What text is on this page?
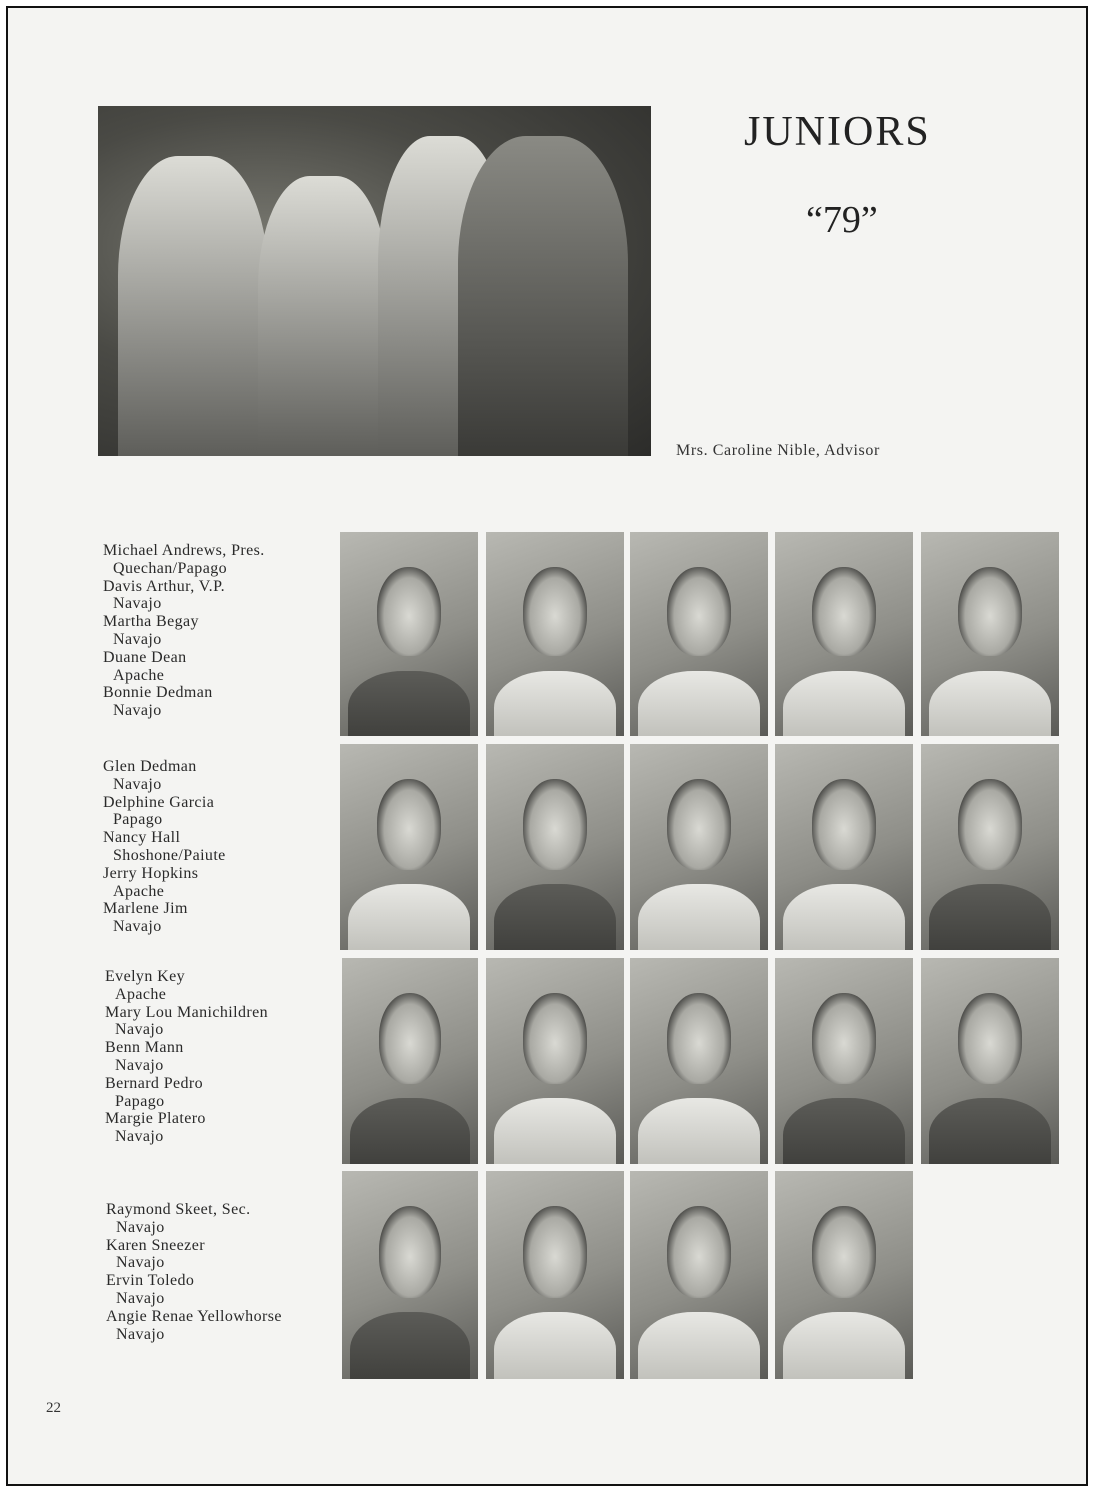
JUNIORS
“79”
Mrs. Caroline Nible, Advisor
Michael Andrews, Pres.
Quechan/Papago
Davis Arthur, V.P.
Navajo
Martha Begay
Navajo
Duane Dean
Apache
Bonnie Dedman
Navajo
Glen Dedman
Navajo
Delphine Garcia
Papago
Nancy Hall
Shoshone/Paiute
Jerry Hopkins
Apache
Marlene Jim
Navajo
Evelyn Key
Apache
Mary Lou Manichildren
Navajo
Benn Mann
Navajo
Bernard Pedro
Papago
Margie Platero
Navajo
Raymond Skeet, Sec.
Navajo
Karen Sneezer
Navajo
Ervin Toledo
Navajo
Angie Renae Yellowhorse
Navajo
22
